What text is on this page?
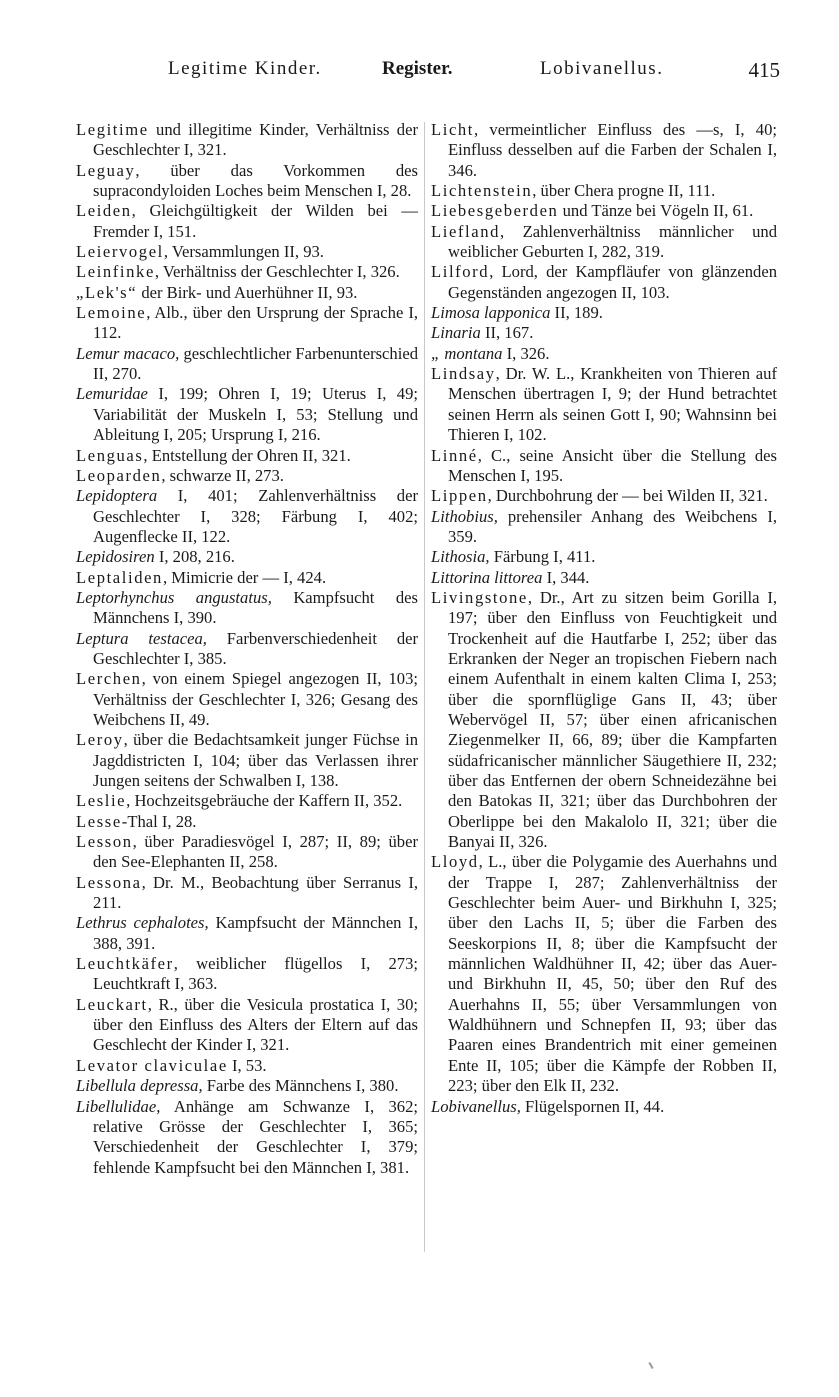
Legitime Kinder.	Register.	Lobivanellus.	415

Legitime und illegitime Kinder, Verhältniss der Geschlechter I, 321.

Leguay, über das Vorkommen des supracondyloiden Loches beim Menschen I, 28.

Leiden, Gleichgültigkeit der Wilden bei — Fremder I, 151.

Leiervogel, Versammlungen II, 93.

Leinfinke, Verhältniss der Geschlechter I, 326.

„Lek's“ der Birk- und Auerhühner II, 93.

Lemoine, Alb., über den Ursprung der Sprache I, 112.

Lemur macaco, geschlechtlicher Farbenunterschied II, 270.

Lemuridae I, 199; Ohren I, 19; Uterus I, 49; Variabilität der Muskeln I, 53; Stellung und Ableitung I, 205; Ursprung I, 216.

Lenguas, Entstellung der Ohren II, 321.

Leoparden, schwarze II, 273.

Lepidoptera I, 401; Zahlenverhältniss der Geschlechter I, 328; Färbung I, 402; Augenflecke II, 122.

Lepidosiren I, 208, 216.

Leptaliden, Mimicrie der — I, 424.

Leptorhynchus angustatus, Kampfsucht des Männchens I, 390.

Leptura testacea, Farbenverschiedenheit der Geschlechter I, 385.

Lerchen, von einem Spiegel angezogen II, 103; Verhältniss der Geschlechter I, 326; Gesang des Weibchens II, 49.

Leroy, über die Bedachtsamkeit junger Füchse in Jagddistricten I, 104; über das Verlassen ihrer Jungen seitens der Schwalben I, 138.

Leslie, Hochzeitsgebräuche der Kaffern II, 352.

Lesse-Thal I, 28.

Lesson, über Paradiesvögel I, 287; II, 89; über den See-Elephanten II, 258.

Lessona, Dr. M., Beobachtung über Serranus I, 211.

Lethrus cephalotes, Kampfsucht der Männchen I, 388, 391.

Leuchtkäfer, weiblicher flügellos I, 273; Leuchtkraft I, 363.

Leuckart, R., über die Vesicula prostatica I, 30; über den Einfluss des Alters der Eltern auf das Geschlecht der Kinder I, 321.

Levator claviculae I, 53.

Libellula depressa, Farbe des Männchens I, 380.

Libellulidae, Anhänge am Schwanze I, 362; relative Grösse der Geschlechter I, 365; Verschiedenheit der Geschlechter I, 379; fehlende Kampfsucht bei den Männchen I, 381.

Licht, vermeintlicher Einfluss des —s, I, 40; Einfluss desselben auf die Farben der Schalen I, 346.

Lichtenstein, über Chera progne II, 111.

Liebesgeberden und Tänze bei Vögeln II, 61.

Liefland, Zahlenverhältniss männlicher und weiblicher Geburten I, 282, 319.

Lilford, Lord, der Kampfläufer von glänzenden Gegenständen angezogen II, 103.

Limosa lapponica II, 189.

Linaria II, 167.

„ montana I, 326.

Lindsay, Dr. W. L., Krankheiten von Thieren auf Menschen übertragen I, 9; der Hund betrachtet seinen Herrn als seinen Gott I, 90; Wahnsinn bei Thieren I, 102.

Linné, C., seine Ansicht über die Stellung des Menschen I, 195.

Lippen, Durchbohrung der — bei Wilden II, 321.

Lithobius, prehensiler Anhang des Weibchens I, 359.

Lithosia, Färbung I, 411.

Littorina littorea I, 344.

Livingstone, Dr., Art zu sitzen beim Gorilla I, 197; über den Einfluss von Feuchtigkeit und Trockenheit auf die Hautfarbe I, 252; über das Erkranken der Neger an tropischen Fiebern nach einem Aufenthalt in einem kalten Clima I, 253; über die spornflüglige Gans II, 43; über Webervögel II, 57; über einen africanischen Ziegenmelker II, 66, 89; über die Kampfarten südafricanischer männlicher Säugethiere II, 232; über das Entfernen der obern Schneidezähne bei den Batokas II, 321; über das Durchbohren der Oberlippe bei den Makalolo II, 321; über die Banyai II, 326.

Lloyd, L., über die Polygamie des Auerhahns und der Trappe I, 287; Zahlenverhältniss der Geschlechter beim Auer- und Birkhuhn I, 325; über den Lachs II, 5; über die Farben des Seeskorpions II, 8; über die Kampfsucht der männlichen Waldhühner II, 42; über das Auer- und Birkhuhn II, 45, 50; über den Ruf des Auerhahns II, 55; über Versammlungen von Waldhühnern und Schnepfen II, 93; über das Paaren eines Brandentrich mit einer gemeinen Ente II, 105; über die Kämpfe der Robben II, 223; über den Elk II, 232.

Lobivanellus, Flügelspornen II, 44.
